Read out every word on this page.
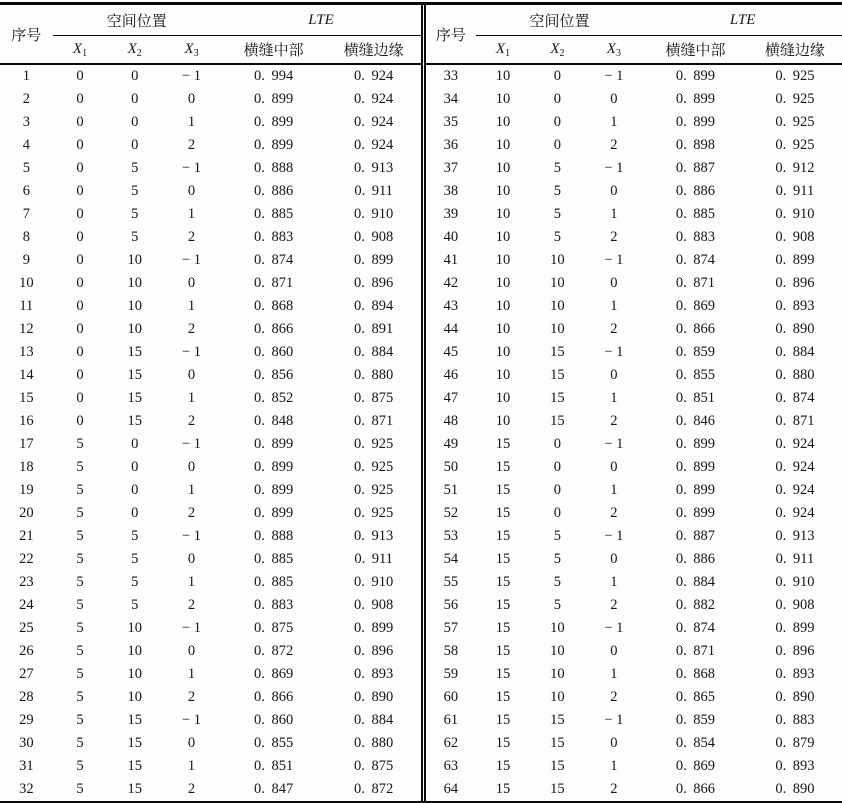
序号	空间位置			LTE	
	$X_1$	$X_2$	$X_3$	横缝中部	横缝边缘
1	0	0	− 1	0.  994	0.  924
2	0	0	0	0.  899	0.  924
3	0	0	1	0.  899	0.  924
4	0	0	2	0.  899	0.  924
5	0	5	− 1	0.  888	0.  913
6	0	5	0	0.  886	0.  911
7	0	5	1	0.  885	0.  910
8	0	5	2	0.  883	0.  908
9	0	10	− 1	0.  874	0.  899
10	0	10	0	0.  871	0.  896
11	0	10	1	0.  868	0.  894
12	0	10	2	0.  866	0.  891
13	0	15	− 1	0.  860	0.  884
14	0	15	0	0.  856	0.  880
15	0	15	1	0.  852	0.  875
16	0	15	2	0.  848	0.  871
17	5	0	− 1	0.  899	0.  925
18	5	0	0	0.  899	0.  925
19	5	0	1	0.  899	0.  925
20	5	0	2	0.  899	0.  925
21	5	5	− 1	0.  888	0.  913
22	5	5	0	0.  885	0.  911
23	5	5	1	0.  885	0.  910
24	5	5	2	0.  883	0.  908
25	5	10	− 1	0.  875	0.  899
26	5	10	0	0.  872	0.  896
27	5	10	1	0.  869	0.  893
28	5	10	2	0.  866	0.  890
29	5	15	− 1	0.  860	0.  884
30	5	15	0	0.  855	0.  880
31	5	15	1	0.  851	0.  875
32	5	15	2	0.  847	0.  872
序号	空间位置			LTE	
	$X_1$	$X_2$	$X_3$	横缝中部	横缝边缘
33	10	0	− 1	0.  899	0.  925
34	10	0	0	0.  899	0.  925
35	10	0	1	0.  899	0.  925
36	10	0	2	0.  898	0.  925
37	10	5	− 1	0.  887	0.  912
38	10	5	0	0.  886	0.  911
39	10	5	1	0.  885	0.  910
40	10	5	2	0.  883	0.  908
41	10	10	− 1	0.  874	0.  899
42	10	10	0	0.  871	0.  896
43	10	10	1	0.  869	0.  893
44	10	10	2	0.  866	0.  890
45	10	15	− 1	0.  859	0.  884
46	10	15	0	0.  855	0.  880
47	10	15	1	0.  851	0.  874
48	10	15	2	0.  846	0.  871
49	15	0	− 1	0.  899	0.  924
50	15	0	0	0.  899	0.  924
51	15	0	1	0.  899	0.  924
52	15	0	2	0.  899	0.  924
53	15	5	− 1	0.  887	0.  913
54	15	5	0	0.  886	0.  911
55	15	5	1	0.  884	0.  910
56	15	5	2	0.  882	0.  908
57	15	10	− 1	0.  874	0.  899
58	15	10	0	0.  871	0.  896
59	15	10	1	0.  868	0.  893
60	15	10	2	0.  865	0.  890
61	15	15	− 1	0.  859	0.  883
62	15	15	0	0.  854	0.  879
63	15	15	1	0.  869	0.  893
64	15	15	2	0.  866	0.  890
